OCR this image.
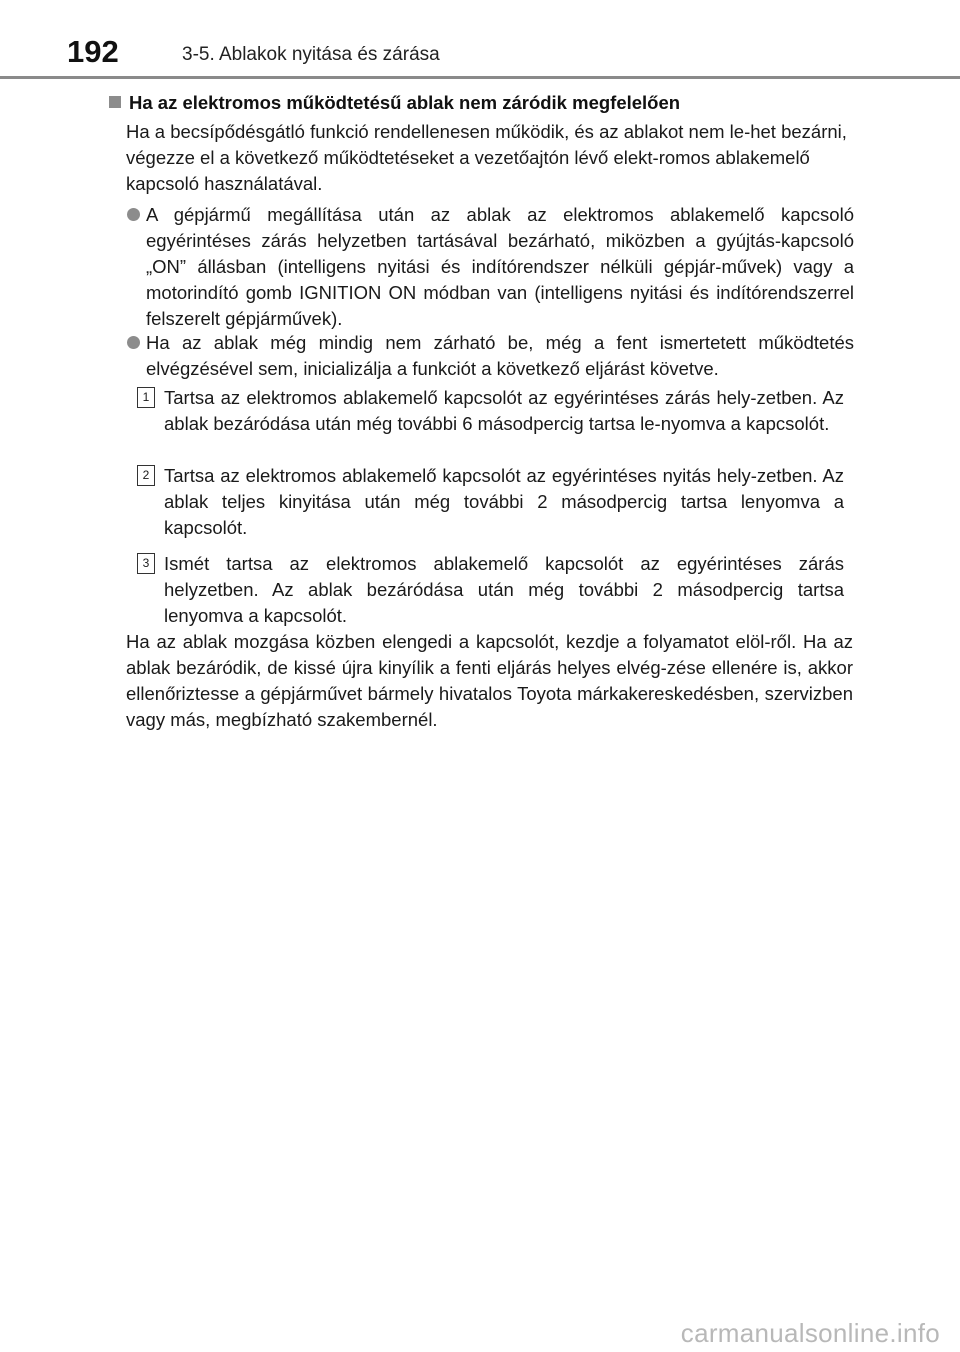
192	3-5. Ablakok nyitása és zárása
Ha az elektromos működtetésű ablak nem záródik megfelelően
Ha a becsípődésgátló funkció rendellenesen működik, és az ablakot nem le-het bezárni, végezze el a következő működtetéseket a vezetőajtón lévő elekt-romos ablakemelő kapcsoló használatával.
A gépjármű megállítása után az ablak az elektromos ablakemelő kapcsoló egyérintéses zárás helyzetben tartásával bezárható, miközben a gyújtás-kapcsoló „ON” állásban (intelligens nyitási és indítórendszer nélküli gépjár-művek) vagy a motorindító gomb IGNITION ON módban van (intelligens nyitási és indítórendszerrel felszerelt gépjárművek).
Ha az ablak még mindig nem zárható be, még a fent ismertetett működtetés elvégzésével sem, inicializálja a funkciót a következő eljárást követve.
1 Tartsa az elektromos ablakemelő kapcsolót az egyérintéses zárás hely-zetben. Az ablak bezáródása után még további 6 másodpercig tartsa le-nyomva a kapcsolót.
2 Tartsa az elektromos ablakemelő kapcsolót az egyérintéses nyitás hely-zetben. Az ablak teljes kinyitása után még további 2 másodpercig tartsa lenyomva a kapcsolót.
3 Ismét tartsa az elektromos ablakemelő kapcsolót az egyérintéses zárás helyzetben. Az ablak bezáródása után még további 2 másodpercig tartsa lenyomva a kapcsolót.
Ha az ablak mozgása közben elengedi a kapcsolót, kezdje a folyamatot elöl-ről. Ha az ablak bezáródik, de kissé újra kinyílik a fenti eljárás helyes elvég-zése ellenére is, akkor ellenőriztesse a gépjárművet bármely hivatalos Toyota márkakereskedésben, szervizben vagy más, megbízható szakembernél.
carmanualsonline.info
